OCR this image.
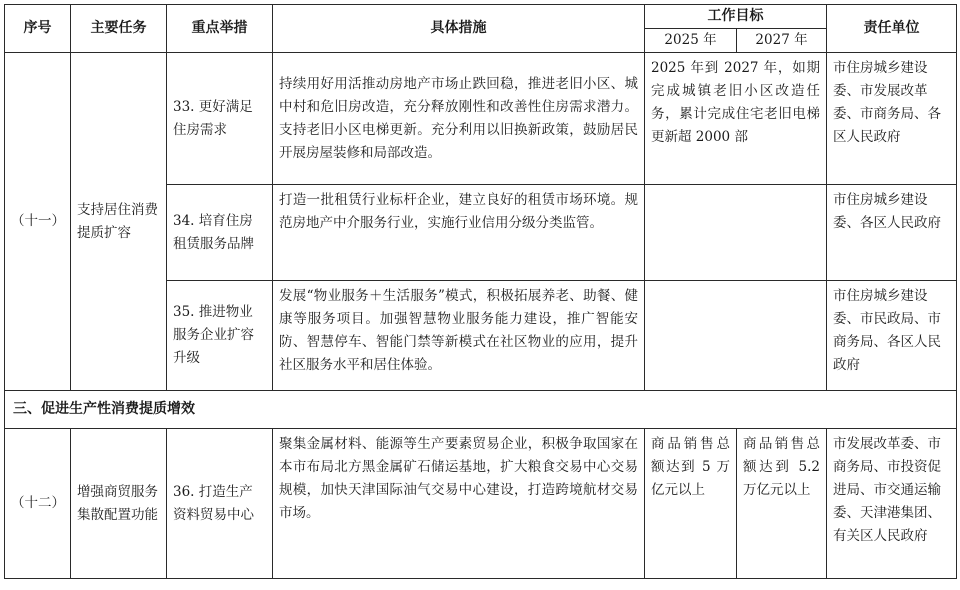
序号	主要任务	重点举措	具体措施	工作目标		责任单位
				2025 年	2027 年	
（十一）	支持居住消费提质扩容	33. 更好满足住房需求	持续用好用活推动房地产市场止跌回稳，推进老旧小区、城中村和危旧房改造，充分释放刚性和改善性住房需求潜力。支持老旧小区电梯更新。充分利用以旧换新政策，鼓励居民开展房屋装修和局部改造。	2025 年到 2027 年，如期完成城镇老旧小区改造任务，累计完成住宅老旧电梯更新超 2000 部		市住房城乡建设委、市发展改革委、市商务局、各区人民政府
		34. 培育住房租赁服务品牌	打造一批租赁行业标杆企业，建立良好的租赁市场环境。规范房地产中介服务行业，实施行业信用分级分类监管。			市住房城乡建设委、各区人民政府
		35. 推进物业服务企业扩容升级	发展“物业服务＋生活服务”模式，积极拓展养老、助餐、健康等服务项目。加强智慧物业服务能力建设，推广智能安防、智慧停车、智能门禁等新模式在社区物业的应用，提升社区服务水平和居住体验。			市住房城乡建设委、市民政局、市商务局、各区人民政府
三、促进生产性消费提质增效						
（十二）	增强商贸服务集散配置功能	36. 打造生产资料贸易中心	聚集金属材料、能源等生产要素贸易企业，积极争取国家在本市布局北方黑金属矿石储运基地，扩大粮食交易中心交易规模，加快天津国际油气交易中心建设，打造跨境航材交易市场。	商品销售总额达到 5 万亿元以上	商品销售总额达到 5.2 万亿元以上	市发展改革委、市商务局、市投资促进局、市交通运输委、天津港集团、有关区人民政府
